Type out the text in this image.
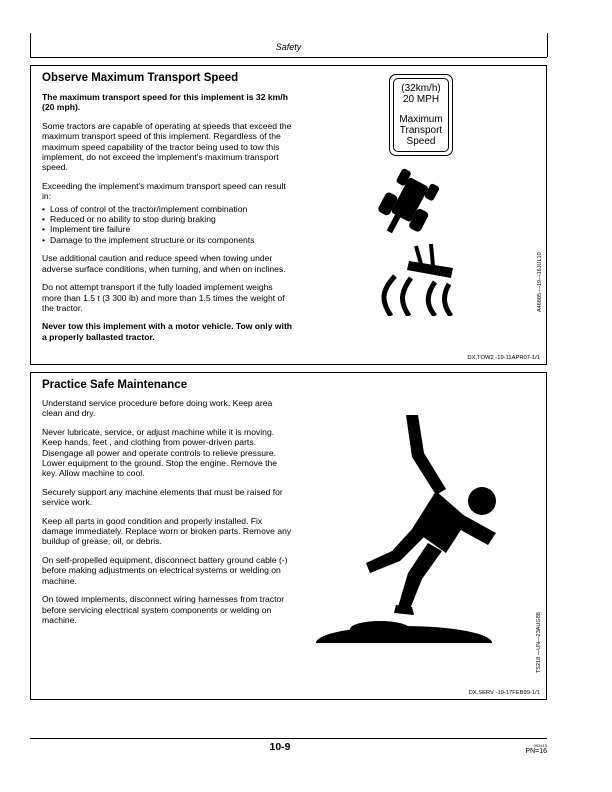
Safety
Observe Maximum Transport Speed

The maximum transport speed for this implement is 32 km/h (20 mph).

Some tractors are capable of operating at speeds that exceed the maximum transport speed of this implement. Regardless of the maximum speed capability of the tractor being used to tow this implement, do not exceed the implement's maximum transport speed.

Exceeding the implement's maximum transport speed can result in:

• Loss of control of the tractor/implement combination
• Reduced or no ability to stop during braking
• Implement tire failure
• Damage to the implement structure or its components

Use additional caution and reduce speed when towing under adverse surface conditions, when turning, and when on inclines.

Do not attempt transport if the fully loaded implement weighs more than 1.5 t (3 300 lb) and more than 1.5 times the weight of the tractor.

Never tow this implement with a motor vehicle. Tow only with a properly ballasted tractor.

(32km/h)
20 MPH
Maximum
Transport
Speed
A46805 —19—16JUL10
DX,TOW2 -19-11APR07-1/1
Practice Safe Maintenance

Understand service procedure before doing work. Keep area clean and dry.

Never lubricate, service, or adjust machine while it is moving. Keep hands, feet , and clothing from power-driven parts. Disengage all power and operate controls to relieve pressure. Lower equipment to the ground. Stop the engine. Remove the key. Allow machine to cool.

Securely support any machine elements that must be raised for service work.

Keep all parts in good condition and properly installed. Fix damage immediately. Replace worn or broken parts. Remove any buildup of grease, oil, or debris.

On self-propelled equipment, disconnect battery ground cable (-) before making adjustments on electrical systems or welding on machine.

On towed implements, disconnect wiring harnesses from tractor before servicing electrical system components or welding on machine.	TS218 —UN—23AUG88
DX,SERV -19-17FEB99-1/1
10-9	092413
PN=16
